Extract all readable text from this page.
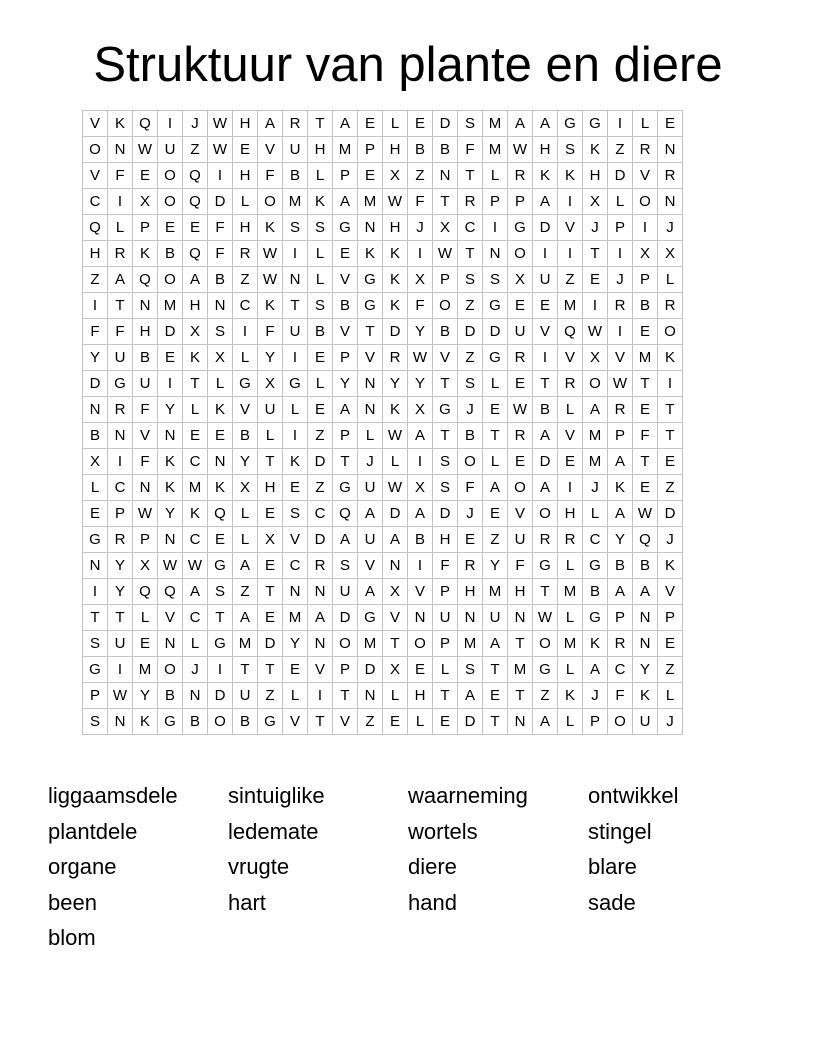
Struktuur van plante en diere
V	K	Q	I	J	W	H	A	R	T	A	E	L	E	D	S	M	A	A	G	G	I	L	E
O	N	W	U	Z	W	E	V	U	H	M	P	H	B	B	F	M	W	H	S	K	Z	R	N
V	F	E	O	Q	I	H	F	B	L	P	E	X	Z	N	T	L	R	K	K	H	D	V	R
C	I	X	O	Q	D	L	O	M	K	A	M	W	F	T	R	P	P	A	I	X	L	O	N
Q	L	P	E	E	F	H	K	S	S	G	N	H	J	X	C	I	G	D	V	J	P	I	J
H	R	K	B	Q	F	R	W	I	L	E	K	K	I	W	T	N	O	I	I	T	I	X	X
Z	A	Q	O	A	B	Z	W	N	L	V	G	K	X	P	S	S	X	U	Z	E	J	P	L
I	T	N	M	H	N	C	K	T	S	B	G	K	F	O	Z	G	E	E	M	I	R	B	R
F	F	H	D	X	S	I	F	U	B	V	T	D	Y	B	D	D	U	V	Q	W	I	E	O
Y	U	B	E	K	X	L	Y	I	E	P	V	R	W	V	Z	G	R	I	V	X	V	M	K
D	G	U	I	T	L	G	X	G	L	Y	N	Y	Y	T	S	L	E	T	R	O	W	T	I
N	R	F	Y	L	K	V	U	L	E	A	N	K	X	G	J	E	W	B	L	A	R	E	T
B	N	V	N	E	E	B	L	I	Z	P	L	W	A	T	B	T	R	A	V	M	P	F	T
X	I	F	K	C	N	Y	T	K	D	T	J	L	I	S	O	L	E	D	E	M	A	T	E
L	C	N	K	M	K	X	H	E	Z	G	U	W	X	S	F	A	O	A	I	J	K	E	Z
E	P	W	Y	K	Q	L	E	S	C	Q	A	D	A	D	J	E	V	O	H	L	A	W	D
G	R	P	N	C	E	L	X	V	D	A	U	A	B	H	E	Z	U	R	R	C	Y	Q	J
N	Y	X	W	W	G	A	E	C	R	S	V	N	I	F	R	Y	F	G	L	G	B	B	K
I	Y	Q	Q	A	S	Z	T	N	N	U	A	X	V	P	H	M	H	T	M	B	A	A	V
T	T	L	V	C	T	A	E	M	A	D	G	V	N	U	N	U	N	W	L	G	P	N	P
S	U	E	N	L	G	M	D	Y	N	O	M	T	O	P	M	A	T	O	M	K	R	N	E
G	I	M	O	J	I	T	T	E	V	P	D	X	E	L	S	T	M	G	L	A	C	Y	Z
P	W	Y	B	N	D	U	Z	L	I	T	N	L	H	T	A	E	T	Z	K	J	F	K	L
S	N	K	G	B	O	B	G	V	T	V	Z	E	L	E	D	T	N	A	L	P	O	U	J
liggaamsdele	sintuiglike	waarneming	ontwikkel
plantdele	ledemate	wortels	stingel
organe	vrugte	diere	blare
been	hart	hand	sade
blom
